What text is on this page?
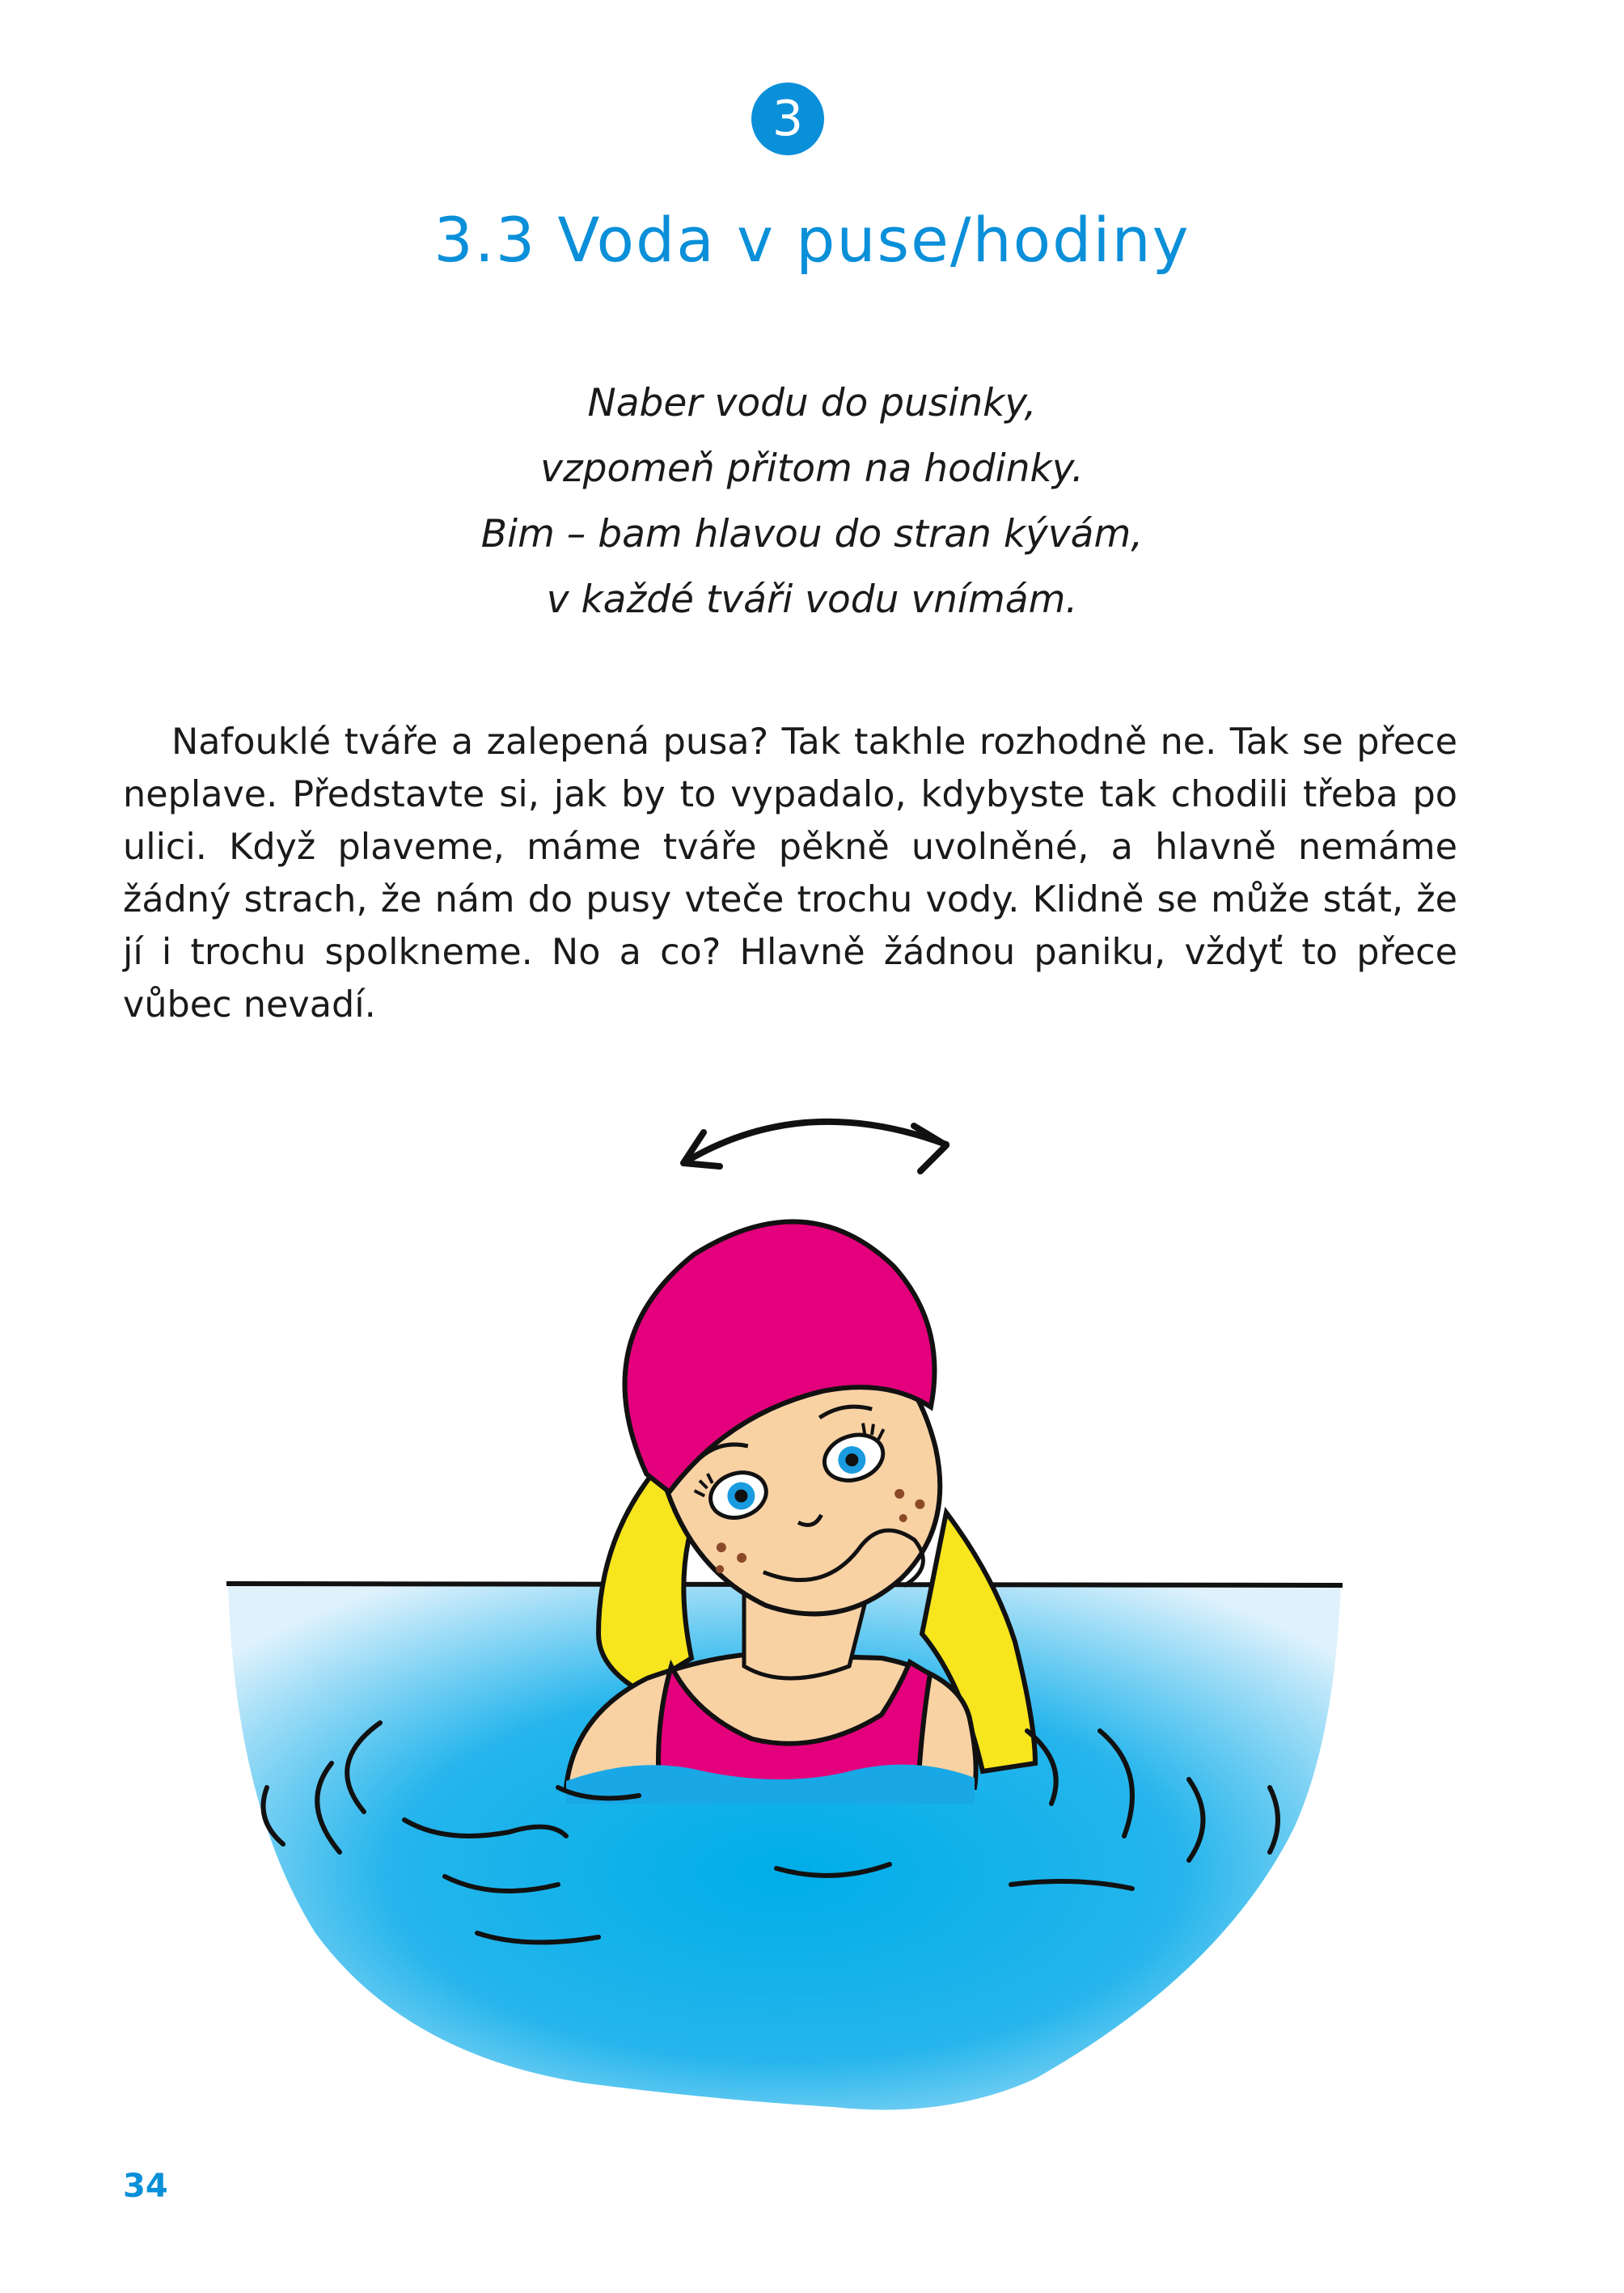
3
3.3 Voda v puse/hodiny
Naber vodu do pusinky,
vzpomeň přitom na hodinky.
Bim – bam hlavou do stran kývám,
v každé tváři vodu vnímám.

Nafouklé tváře a zalepená pusa? Tak takhle rozhodně ne. Tak se přece neplave. Představte si, jak by to vypadalo, kdybyste tak chodili třeba po ulici. Když plaveme, máme tváře pěkně uvolněné, a hlavně nemáme žádný strach, že nám do pusy vteče trochu vody. Klidně se může stát, že jí i trochu spolkneme. No a co? Hlavně žádnou paniku, vždyť to přece vůbec nevadí.

34
